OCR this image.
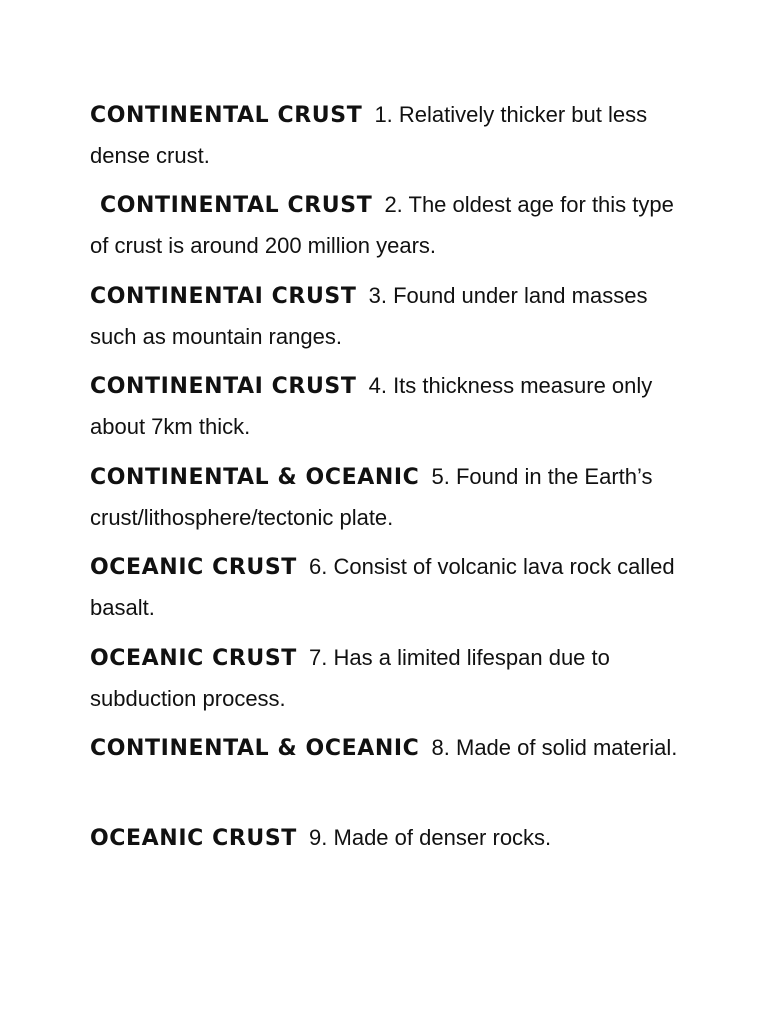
CONTINENTAL CRUST 1. Relatively thicker but less dense crust.

CONTINENTAL CRUST 2. The oldest age for this type of crust is around 200 million years.

CONTINENTAI CRUST 3. Found under land masses such as mountain ranges.

CONTINENTAI CRUST 4. Its thickness measure only about 7km thick.

CONTINENTAL & OCEANIC 5. Found in the Earth’s crust/lithosphere/tectonic plate.

OCEANIC CRUST 6. Consist of volcanic lava rock called basalt.

OCEANIC CRUST 7. Has a limited lifespan due to subduction process.

CONTINENTAL & OCEANIC 8. Made of solid material.

OCEANIC CRUST 9. Made of denser rocks.
